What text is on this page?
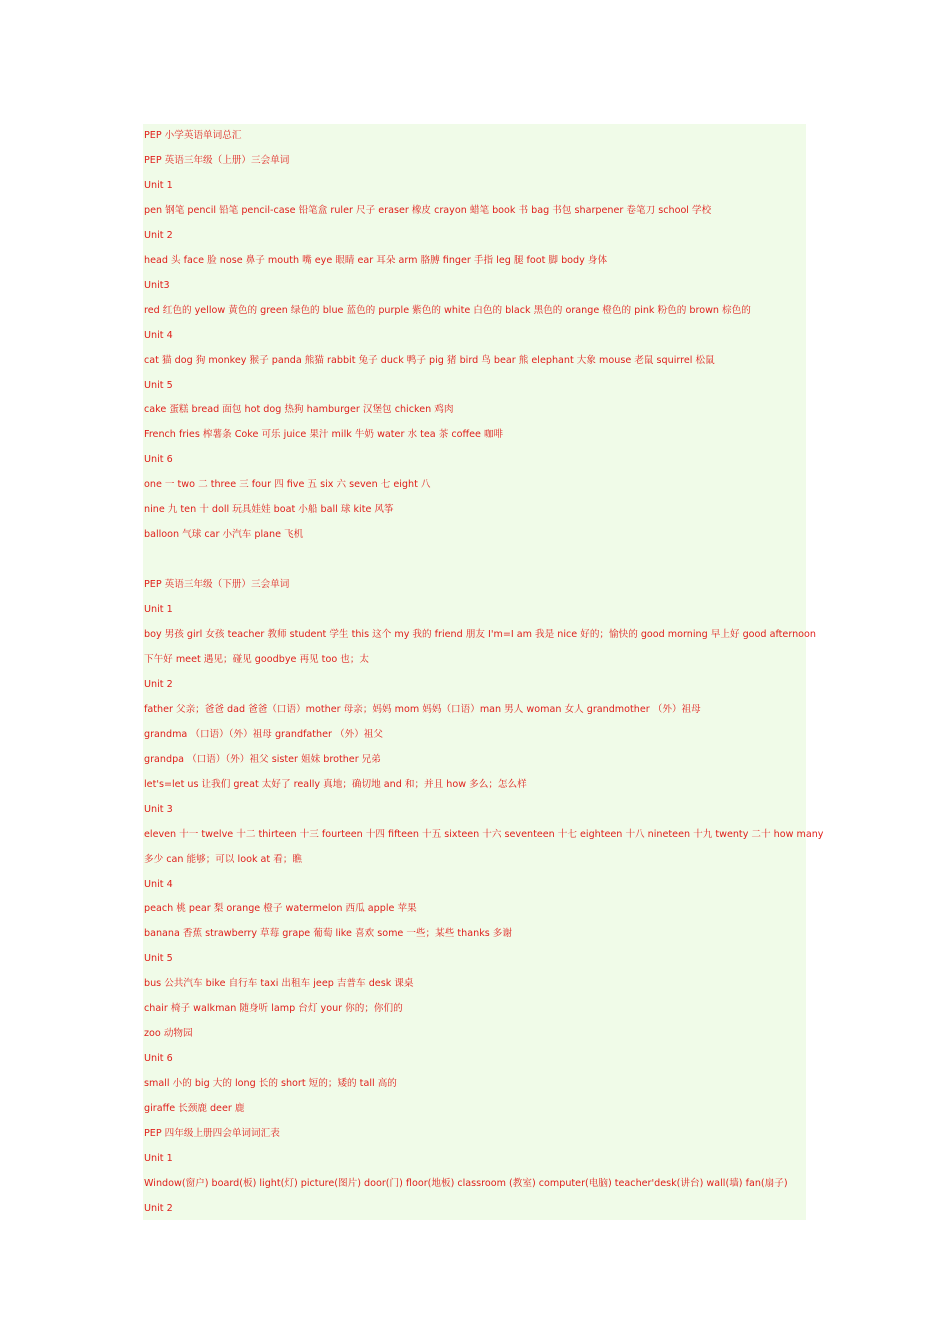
PEP 小学英语单词总汇
PEP 英语三年级（上册）三会单词
Unit 1
pen 钢笔 pencil 铅笔 pencil-case 铅笔盒 ruler 尺子 eraser 橡皮 crayon 蜡笔 book 书 bag 书包 sharpener 卷笔刀 school 学校
Unit 2
head 头 face 脸 nose 鼻子 mouth 嘴 eye 眼睛 ear 耳朵 arm 胳膊 finger 手指 leg 腿 foot 脚 body 身体
Unit3
red 红色的 yellow 黄色的 green 绿色的 blue 蓝色的 purple 紫色的 white 白色的 black 黑色的 orange 橙色的 pink 粉色的 brown 棕色的
Unit 4
cat 猫 dog 狗 monkey 猴子 panda 熊猫 rabbit 兔子 duck 鸭子 pig 猪 bird 鸟 bear 熊 elephant 大象 mouse 老鼠 squirrel 松鼠
Unit 5
cake 蛋糕 bread 面包 hot dog 热狗 hamburger 汉堡包 chicken 鸡肉
French fries 榨薯条 Coke 可乐 juice 果汁 milk 牛奶 water 水 tea 茶 coffee 咖啡
Unit 6
one 一 two 二 three 三 four 四 five 五 six 六 seven 七 eight 八
nine 九 ten 十 doll 玩具娃娃 boat 小船 ball 球 kite 风筝
balloon 气球 car 小汽车 plane 飞机
PEP 英语三年级（下册）三会单词
Unit 1
boy 男孩 girl 女孩 teacher 教师 student 学生 this 这个 my 我的 friend 朋友 I'm=I am 我是 nice 好的；愉快的 good morning 早上好 good afternoon
下午好 meet 遇见；碰见 goodbye 再见 too 也；太
Unit 2
father 父亲；爸爸 dad 爸爸（口语）mother 母亲；妈妈 mom 妈妈（口语）man 男人 woman 女人 grandmother （外）祖母
grandma （口语）（外）祖母 grandfather （外）祖父
grandpa （口语）（外）祖父 sister 姐妹 brother 兄弟
let's=let us 让我们 great 太好了 really 真地；确切地 and 和；并且 how 多么；怎么样
Unit 3
eleven 十一 twelve 十二 thirteen 十三 fourteen 十四 fifteen 十五 sixteen 十六 seventeen 十七 eighteen 十八 nineteen 十九 twenty 二十 how many
多少 can 能够；可以 look at 看；瞧
Unit 4
peach 桃 pear 梨 orange 橙子 watermelon 西瓜 apple 苹果
banana 香蕉 strawberry 草莓 grape 葡萄 like 喜欢 some 一些；某些 thanks 多谢
Unit 5
bus 公共汽车 bike 自行车 taxi 出租车 jeep 吉普车 desk 课桌
chair 椅子 walkman 随身听 lamp 台灯 your 你的；你们的
zoo 动物园
Unit 6
small 小的 big 大的 long 长的 short 短的；矮的 tall 高的
giraffe 长颈鹿 deer 鹿
PEP 四年级上册四会单词词汇表
Unit 1
Window(窗户) board(板) light(灯) picture(图片) door(门) floor(地板) classroom (教室) computer(电脑) teacher'desk(讲台) wall(墙) fan(扇子)
Unit 2
